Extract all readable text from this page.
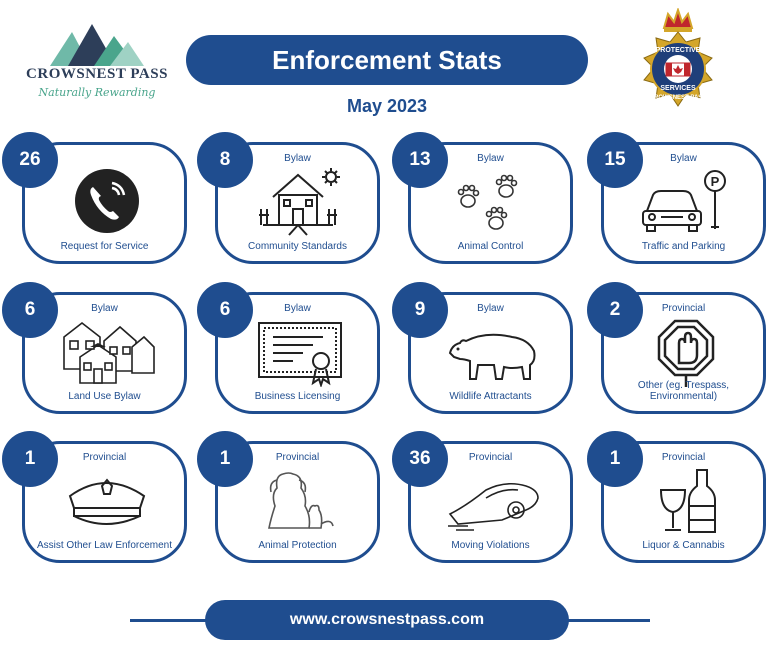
CROWSNEST PASS
Naturally Rewarding
Enforcement Stats
May 2023
PROTECTIVE
SERVICES
CROWSNEST PASS
Request for Service
26	Bylaw
Community Standards
8	Bylaw
Animal Control
13	Bylaw
P
Traffic and Parking
15
Bylaw
Land Use Bylaw
6	Bylaw
Business Licensing
6	Bylaw
Wildlife Attractants
9	Provincial
Other (eg. Trespass, Environmental)
2
Provincial
Assist Other Law Enforcement
1	Provincial
Animal Protection
1	Provincial
Moving Violations
36	Provincial
Liquor & Cannabis
1
www.crowsnestpass.com
